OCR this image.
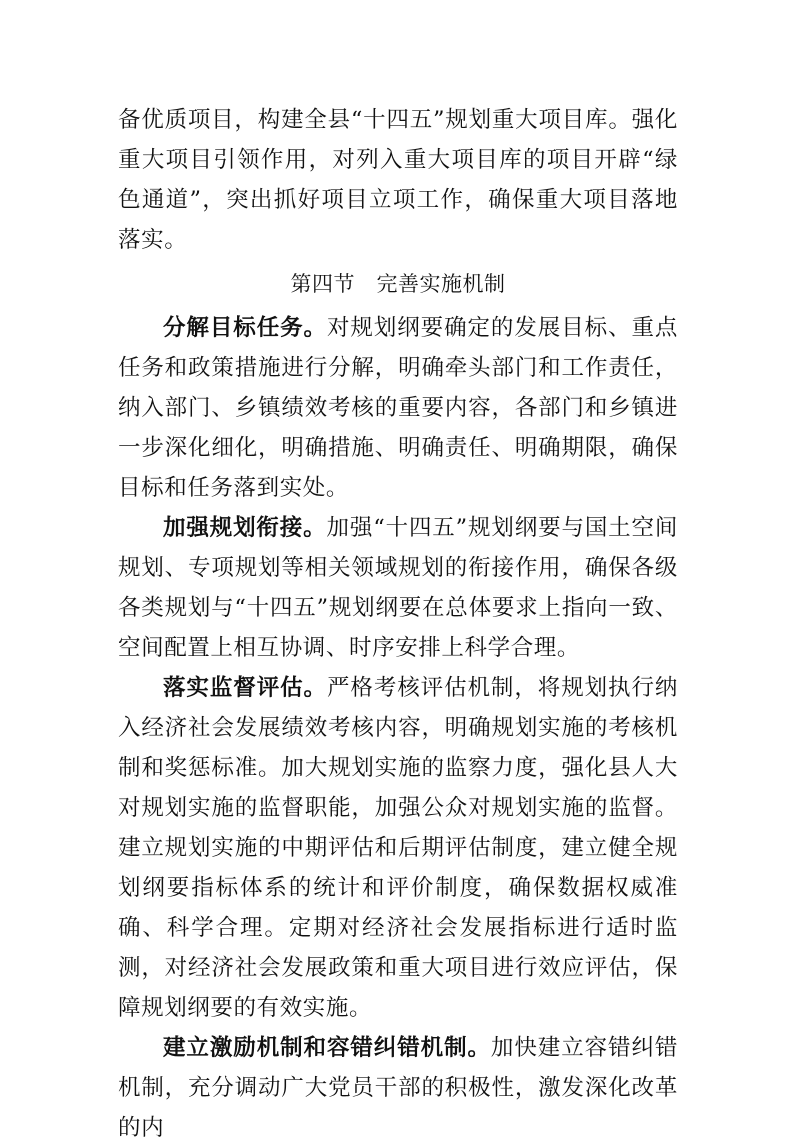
备优质项目，构建全县“十四五”规划重大项目库。强化重大项目引领作用，对列入重大项目库的项目开辟“绿色通道”，突出抓好项目立项工作，确保重大项目落地落实。

第四节　完善实施机制

分解目标任务。对规划纲要确定的发展目标、重点任务和政策措施进行分解，明确牵头部门和工作责任，纳入部门、乡镇绩效考核的重要内容，各部门和乡镇进一步深化细化，明确措施、明确责任、明确期限，确保目标和任务落到实处。

加强规划衔接。加强“十四五”规划纲要与国土空间规划、专项规划等相关领域规划的衔接作用，确保各级各类规划与“十四五”规划纲要在总体要求上指向一致、空间配置上相互协调、时序安排上科学合理。

落实监督评估。严格考核评估机制，将规划执行纳入经济社会发展绩效考核内容，明确规划实施的考核机制和奖惩标准。加大规划实施的监察力度，强化县人大对规划实施的监督职能，加强公众对规划实施的监督。建立规划实施的中期评估和后期评估制度，建立健全规划纲要指标体系的统计和评价制度，确保数据权威准确、科学合理。定期对经济社会发展指标进行适时监测，对经济社会发展政策和重大项目进行效应评估，保障规划纲要的有效实施。

建立激励机制和容错纠错机制。加快建立容错纠错机制，充分调动广大党员干部的积极性，激发深化改革的内
